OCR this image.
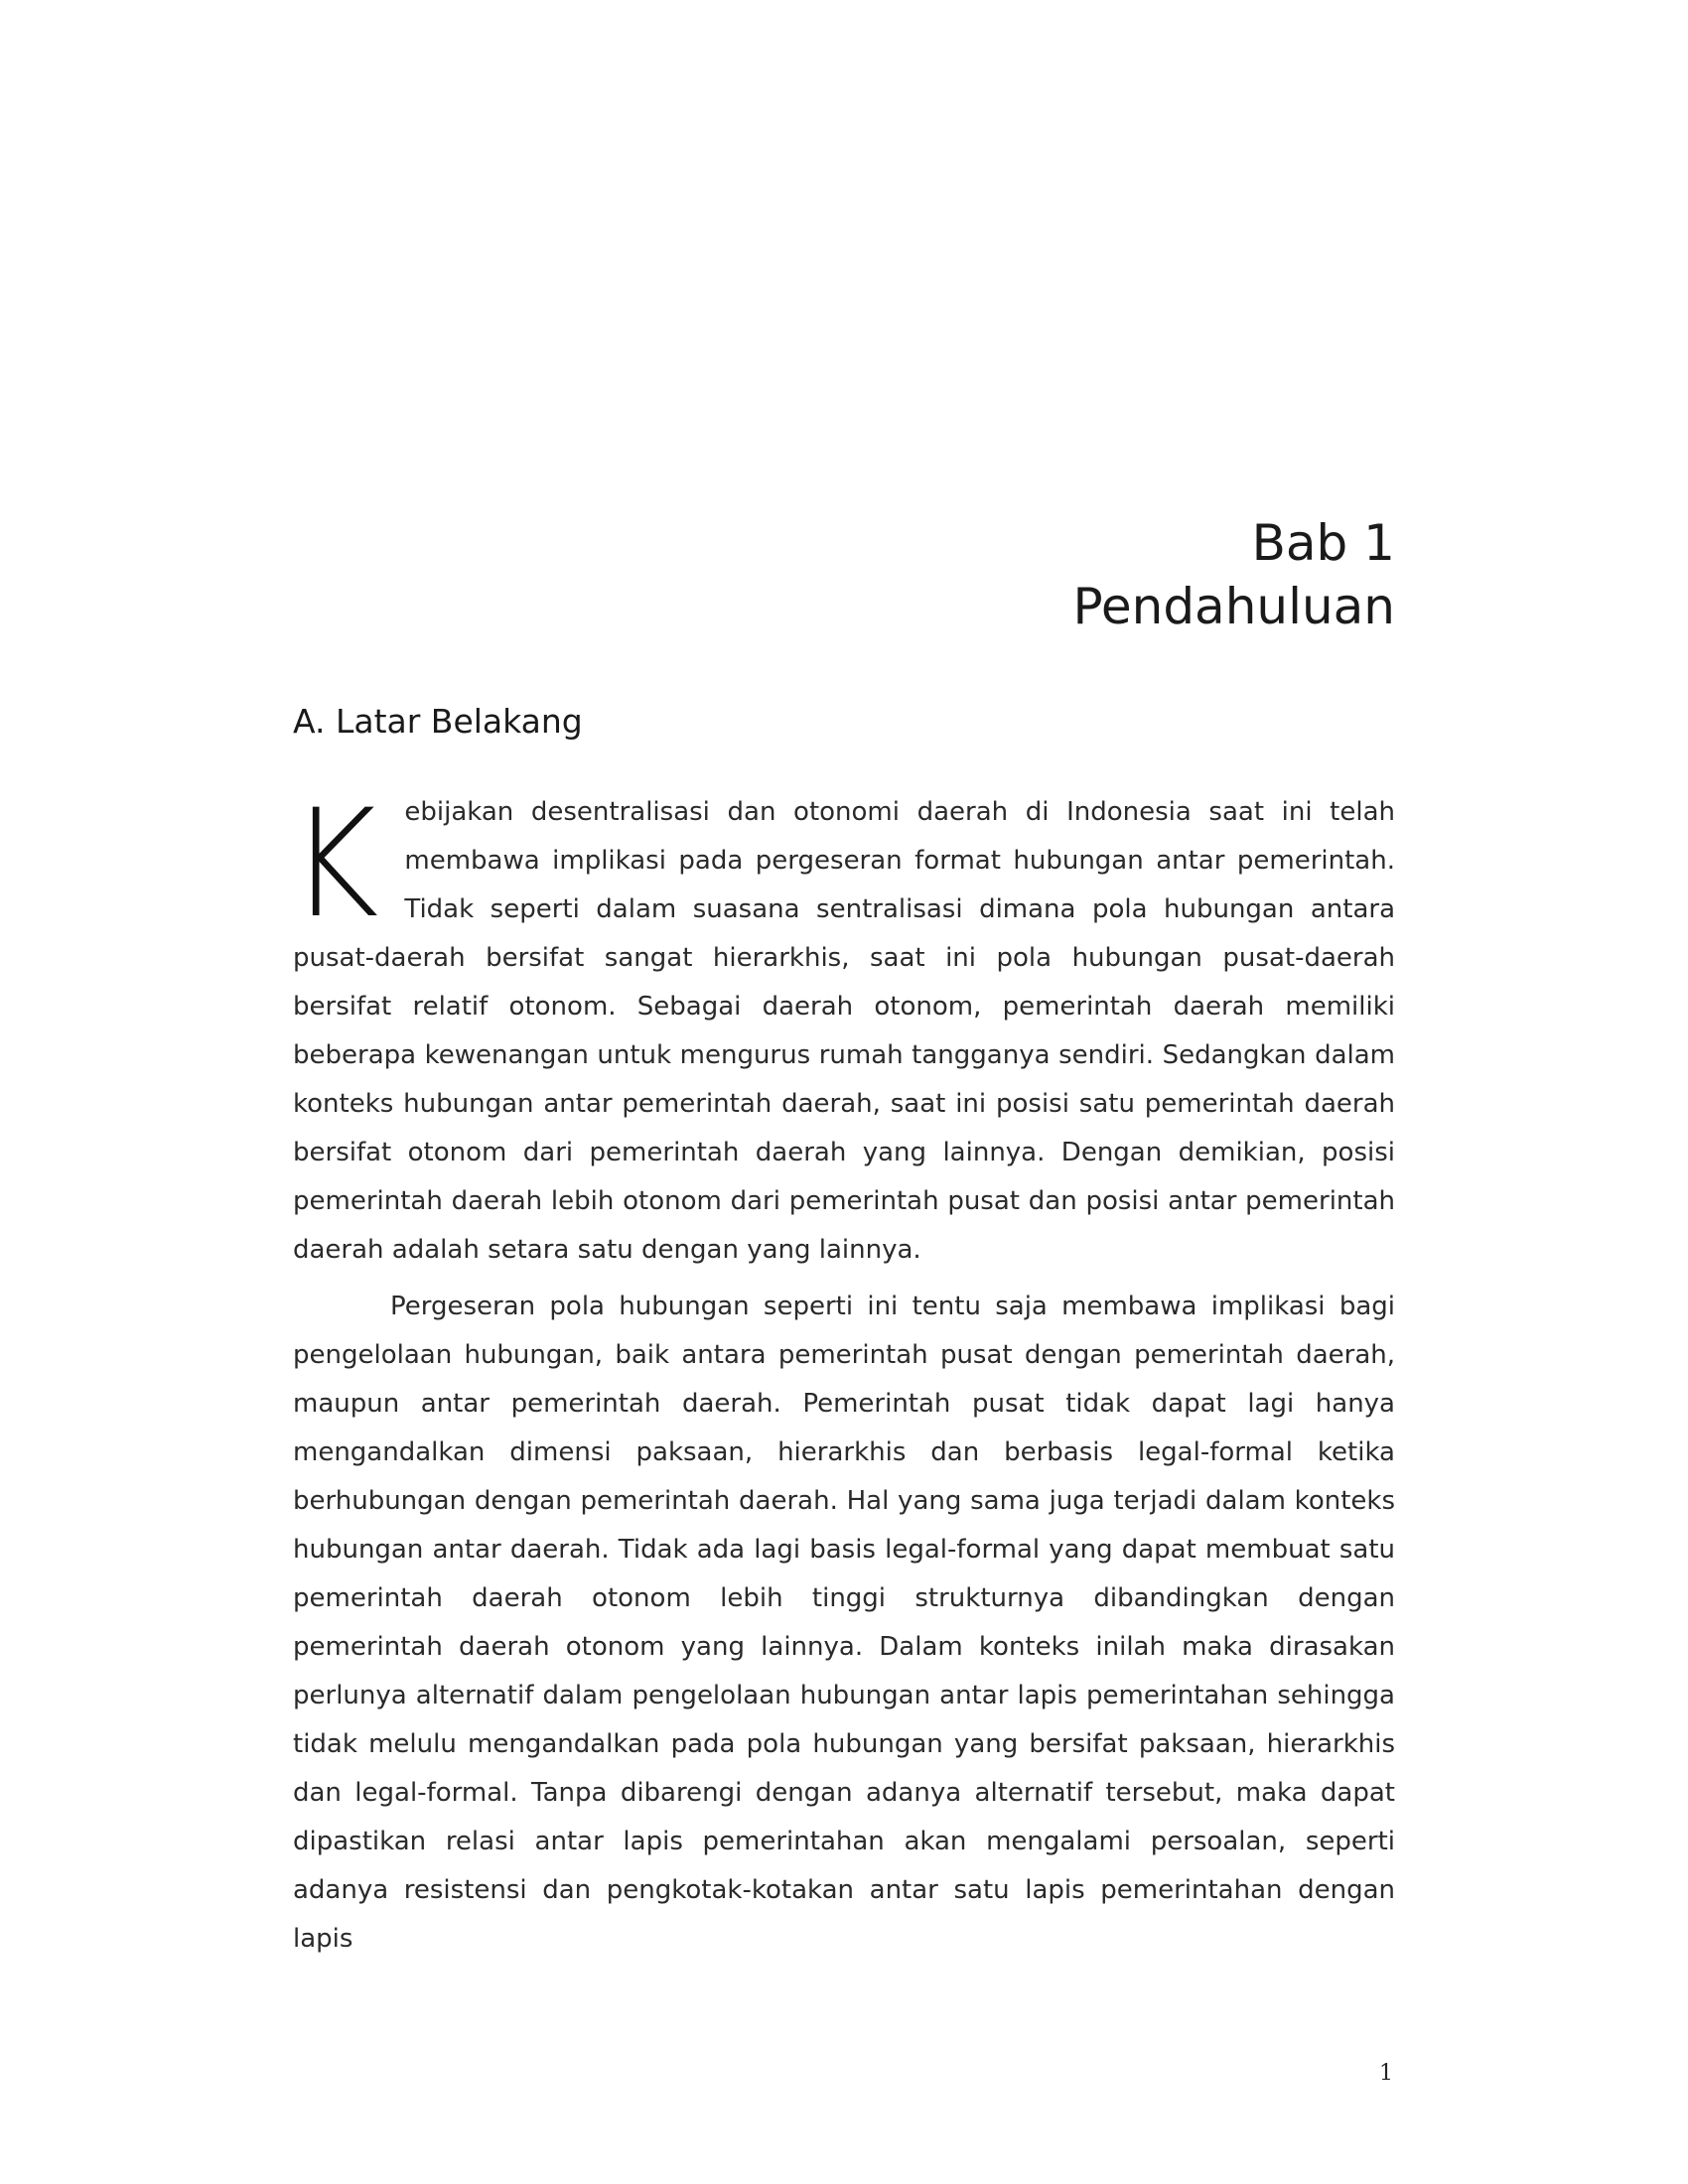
Bab 1
Pendahuluan
A. Latar Belakang

Kebijakan desentralisasi dan otonomi daerah di Indonesia saat ini telah membawa implikasi pada pergeseran format hubungan antar pemerintah. Tidak seperti dalam suasana sentralisasi dimana pola hubungan antara pusat-daerah bersifat sangat hierarkhis, saat ini pola hubungan pusat-daerah bersifat relatif otonom. Sebagai daerah otonom, pemerintah daerah memiliki beberapa kewenangan untuk mengurus rumah tangganya sendiri. Sedangkan dalam konteks hubungan antar pemerintah daerah, saat ini posisi satu pemerintah daerah bersifat otonom dari pemerintah daerah yang lainnya. Dengan demikian, posisi pemerintah daerah lebih otonom dari pemerintah pusat dan posisi antar pemerintah daerah adalah setara satu dengan yang lainnya.

Pergeseran pola hubungan seperti ini tentu saja membawa implikasi bagi pengelolaan hubungan, baik antara pemerintah pusat dengan pemerintah daerah, maupun antar pemerintah daerah. Pemerintah pusat tidak dapat lagi hanya mengandalkan dimensi paksaan, hierarkhis dan berbasis legal-formal ketika berhubungan dengan pemerintah daerah. Hal yang sama juga terjadi dalam konteks hubungan antar daerah. Tidak ada lagi basis legal-formal yang dapat membuat satu pemerintah daerah otonom lebih tinggi strukturnya dibandingkan dengan pemerintah daerah otonom yang lainnya. Dalam konteks inilah maka dirasakan perlunya alternatif dalam pengelolaan hubungan antar lapis pemerintahan sehingga tidak melulu mengandalkan pada pola hubungan yang bersifat paksaan, hierarkhis dan legal-formal. Tanpa dibarengi dengan adanya alternatif tersebut, maka dapat dipastikan relasi antar lapis pemerintahan akan mengalami persoalan, seperti adanya resistensi dan pengkotak-kotakan antar satu lapis pemerintahan dengan lapis

1
